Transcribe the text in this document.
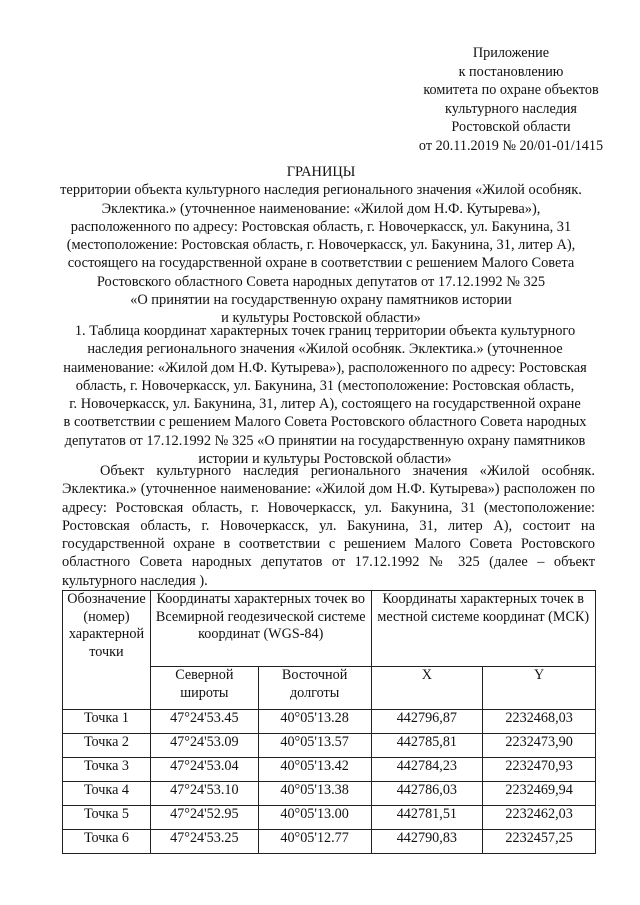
Приложение
к постановлению
комитета по охране объектов
культурного наследия
Ростовской области
от 20.11.2019 № 20/01-01/1415
ГРАНИЦЫ
территории объекта культурного наследия регионального значения «Жилой особняк.
Эклектика.» (уточненное наименование: «Жилой дом Н.Ф. Кутырева»),
расположенного по адресу: Ростовская область, г. Новочеркасск, ул. Бакунина, 31
(местоположение: Ростовская область, г. Новочеркасск, ул. Бакунина, 31, литер А),
состоящего на государственной охране в соответствии с решением Малого Совета
Ростовского областного Совета народных депутатов от 17.12.1992 № 325
«О принятии на государственную охрану памятников истории
и культуры Ростовской области»
1. Таблица координат характерных точек границ территории объекта культурного
наследия регионального значения «Жилой особняк. Эклектика.» (уточненное
наименование: «Жилой дом Н.Ф. Кутырева»), расположенного по адресу: Ростовская
область, г. Новочеркасск, ул. Бакунина, 31 (местоположение: Ростовская область,
г. Новочеркасск, ул. Бакунина, 31, литер А), состоящего на государственной охране
в соответствии с решением Малого Совета Ростовского областного Совета народных
депутатов от 17.12.1992 № 325 «О принятии на государственную охрану памятников
истории и культуры Ростовской области»
Объект культурного наследия регионального значения «Жилой особняк. Эклектика.» (уточненное наименование: «Жилой дом Н.Ф. Кутырева») расположен по адресу: Ростовская область, г. Новочеркасск, ул. Бакунина, 31 (местоположение: Ростовская область, г. Новочеркасск, ул. Бакунина, 31, литер А), состоит на государственной охране в соответствии с решением Малого Совета Ростовского областного Совета народных депутатов от 17.12.1992 № 325 (далее – объект культурного наследия ).
Обозначение (номер) характерной точки	Координаты характерных точек во Всемирной геодезической системе координат (WGS-84)		Координаты характерных точек в местной системе координат (МСК)	
	Северной широты	Восточной долготы	X	Y
Точка 1	47°24'53.45	40°05'13.28	442796,87	2232468,03
Точка 2	47°24'53.09	40°05'13.57	442785,81	2232473,90
Точка 3	47°24'53.04	40°05'13.42	442784,23	2232470,93
Точка 4	47°24'53.10	40°05'13.38	442786,03	2232469,94
Точка 5	47°24'52.95	40°05'13.00	442781,51	2232462,03
Точка 6	47°24'53.25	40°05'12.77	442790,83	2232457,25
